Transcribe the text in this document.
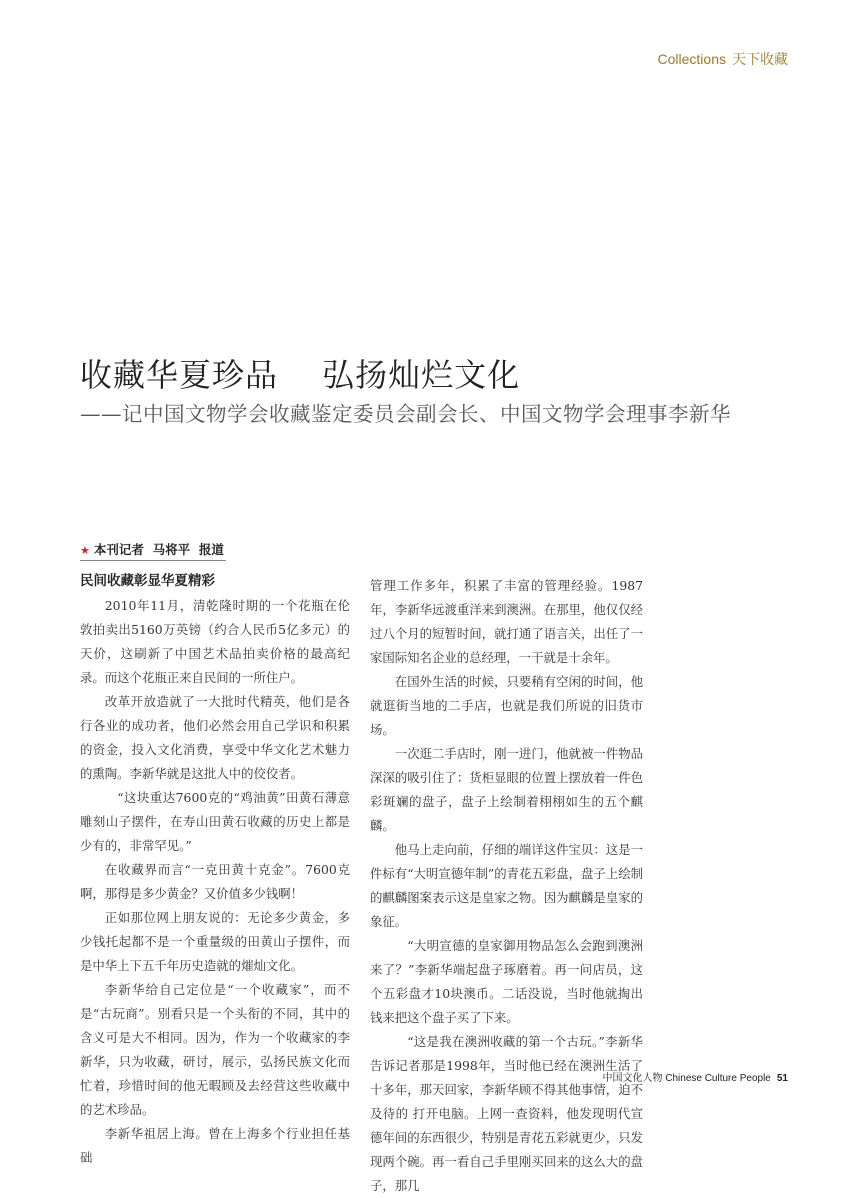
Collections 天下收藏
收藏华夏珍品　 弘扬灿烂文化
——记中国文物学会收藏鉴定委员会副会长、中国文物学会理事李新华
★ 本刊记者 马将平 报道
民间收藏彰显华夏精彩

2010年11月，清乾隆时期的一个花瓶在伦敦拍卖出5160万英镑（约合人民币5亿多元）的天价，这刷新了中国艺术品拍卖价格的最高纪录。而这个花瓶正来自民间的一所住户。

改革开放造就了一大批时代精英，他们是各行各业的成功者，他们必然会用自己学识和积累的资金，投入文化消费，享受中华文化艺术魅力的熏陶。李新华就是这批人中的佼佼者。

“这块重达7600克的“鸡油黄”田黄石薄意雕刻山子摆件，在寿山田黄石收藏的历史上都是少有的，非常罕见。”

在收藏界而言“一克田黄十克金”。7600克啊，那得是多少黄金？又价值多少钱啊！

正如那位网上朋友说的：无论多少黄金，多少钱托起都不是一个重量级的田黄山子摆件，而是中华上下五千年历史造就的熣灿文化。

李新华给自己定位是“一个收藏家”，而不是“古玩商”。别看只是一个头衔的不同，其中的含义可是大不相同。因为，作为一个收藏家的李新华，只为收藏，研讨，展示，弘扬民族文化而忙着，珍惜时间的他无暇顾及去经营这些收藏中的艺术珍品。

李新华祖居上海。曾在上海多个行业担任基础

管理工作多年，积累了丰富的管理经验。1987年，李新华远渡重洋来到澳洲。在那里，他仅仅经过八个月的短暂时间，就打通了语言关，出任了一家国际知名企业的总经理，一干就是十余年。

在国外生活的时候，只要稍有空闲的时间，他就逛街当地的二手店，也就是我们所说的旧货市场。

一次逛二手店时，刚一进门，他就被一件物品深深的吸引住了：货柜显眼的位置上摆放着一件色彩斑斓的盘子，盘子上绘制着栩栩如生的五个麒麟。

他马上走向前，仔细的端详这件宝贝：这是一件标有“大明宣德年制”的青花五彩盘，盘子上绘制的麒麟图案表示这是皇家之物。因为麒麟是皇家的象征。

“大明宣德的皇家御用物品怎么会跑到澳洲来了？”李新华端起盘子琢磨着。再一问店员，这个五彩盘才10块澳币。二话没说，当时他就掏出钱来把这个盘子买了下来。

“这是我在澳洲收藏的第一个古玩。”李新华告诉记者那是1998年，当时他已经在澳洲生活了十多年，那天回家，李新华顾不得其他事情，迫不及待的 打开电脑。上网一查资料，他发现明代宣德年间的东西很少，特别是青花五彩就更少，只发现两个碗。再一看自己手里刚买回来的这么大的盘子，那几

中国文化人物 Chinese Culture People 51
